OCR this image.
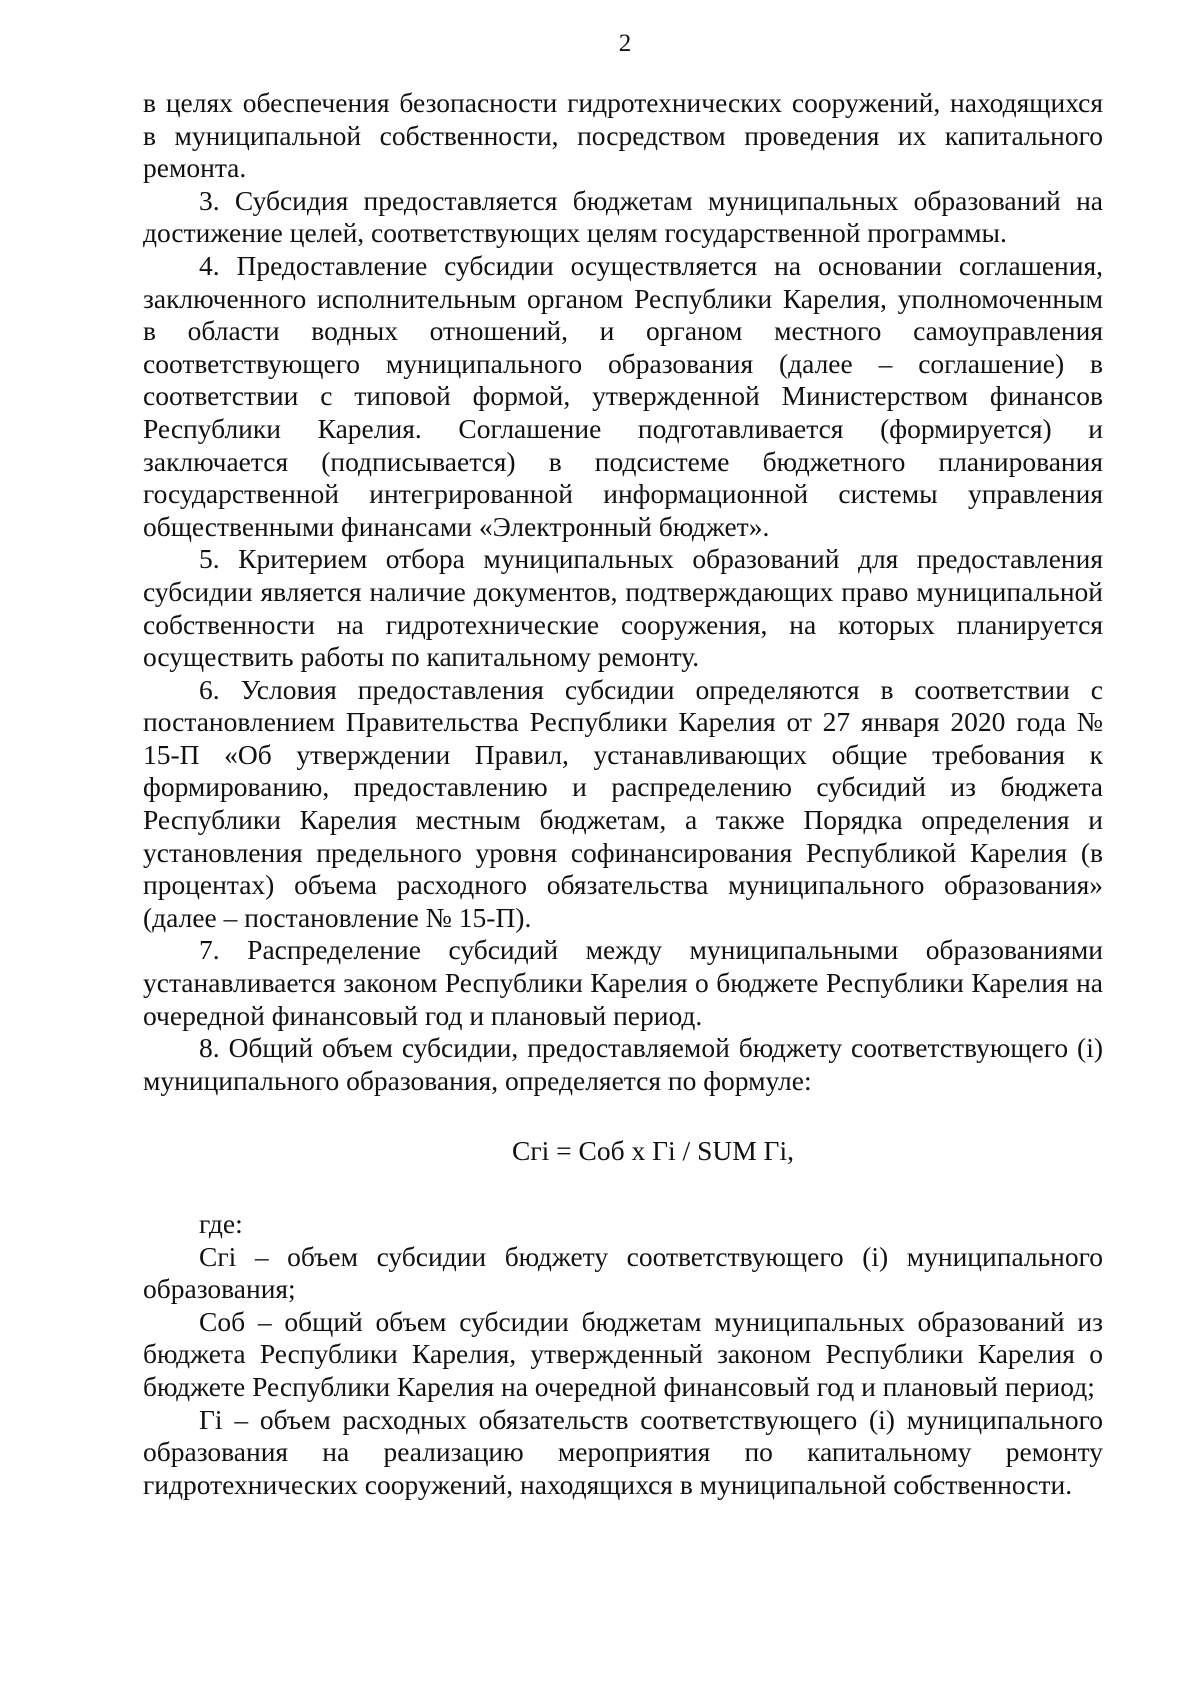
2

в целях обеспечения безопасности гидротехнических сооружений, находящихся в муниципальной собственности, посредством проведения их капитального ремонта.

3. Субсидия предоставляется бюджетам муниципальных образований на достижение целей, соответствующих целям государственной программы.

4. Предоставление субсидии осуществляется на основании соглашения, заключенного исполнительным органом Республики Карелия, уполномоченным в области водных отношений, и органом местного самоуправления соответствующего муниципального образования (далее – соглашение) в соответствии с типовой формой, утвержденной Министерством финансов Республики Карелия. Соглашение подготавливается (формируется) и заключается (подписывается) в подсистеме бюджетного планирования государственной интегрированной информационной системы управления общественными финансами «Электронный бюджет».

5. Критерием отбора муниципальных образований для предоставления субсидии является наличие документов, подтверждающих право муниципальной собственности на гидротехнические сооружения, на которых планируется осуществить работы по капитальному ремонту.

6. Условия предоставления субсидии определяются в соответствии с постановлением Правительства Республики Карелия от 27 января 2020 года № 15-П «Об утверждении Правил, устанавливающих общие требования к формированию, предоставлению и распределению субсидий из бюджета Республики Карелия местным бюджетам, а также Порядка определения и установления предельного уровня софинансирования Республикой Карелия (в процентах) объема расходного обязательства муниципального образования» (далее – постановление № 15-П).

7. Распределение субсидий между муниципальными образованиями устанавливается законом Республики Карелия о бюджете Республики Карелия на очередной финансовый год и плановый период.

8. Общий объем субсидии, предоставляемой бюджету соответствующего (i) муниципального образования, определяется по формуле:

Сгi = Соб x Гi / SUM Гi,

где:

Сгi – объем субсидии бюджету соответствующего (i) муниципального образования;

Соб – общий объем субсидии бюджетам муниципальных образований из бюджета Республики Карелия, утвержденный законом Республики Карелия о бюджете Республики Карелия на очередной финансовый год и плановый период;

Гi – объем расходных обязательств соответствующего (i) муниципального образования на реализацию мероприятия по капитальному ремонту гидротехнических сооружений, находящихся в муниципальной собственности.
